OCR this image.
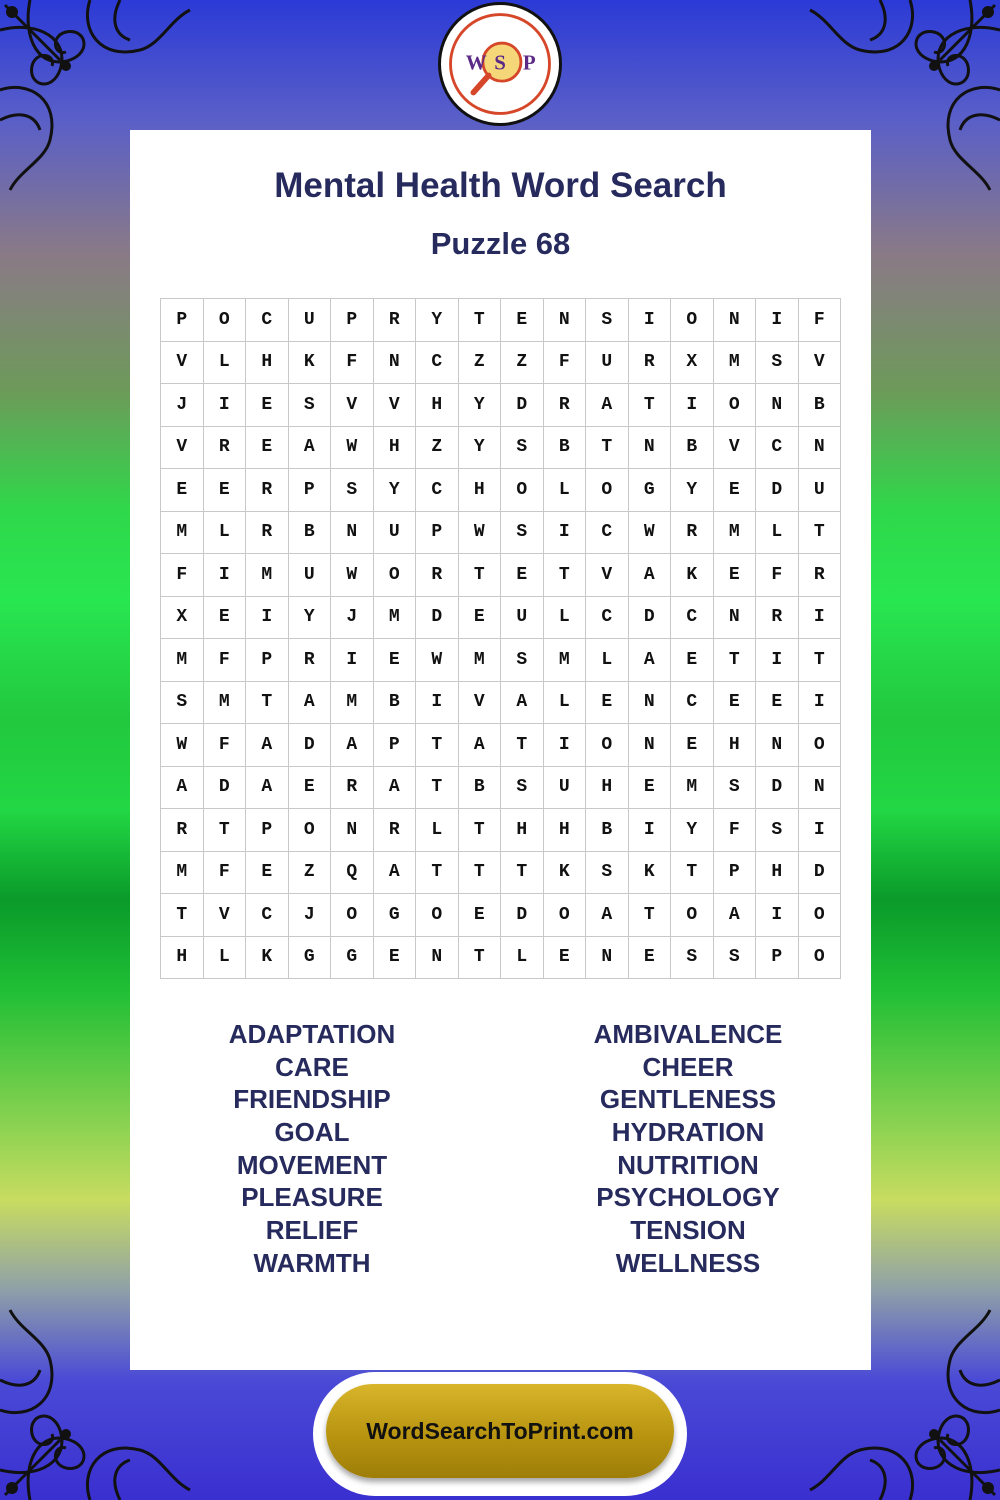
W S P
Mental Health Word Search
Puzzle 68
P	O	C	U	P	R	Y	T	E	N	S	I	O	N	I	F
V	L	H	K	F	N	C	Z	Z	F	U	R	X	M	S	V
J	I	E	S	V	V	H	Y	D	R	A	T	I	O	N	B
V	R	E	A	W	H	Z	Y	S	B	T	N	B	V	C	N
E	E	R	P	S	Y	C	H	O	L	O	G	Y	E	D	U
M	L	R	B	N	U	P	W	S	I	C	W	R	M	L	T
F	I	M	U	W	O	R	T	E	T	V	A	K	E	F	R
X	E	I	Y	J	M	D	E	U	L	C	D	C	N	R	I
M	F	P	R	I	E	W	M	S	M	L	A	E	T	I	T
S	M	T	A	M	B	I	V	A	L	E	N	C	E	E	I
W	F	A	D	A	P	T	A	T	I	O	N	E	H	N	O
A	D	A	E	R	A	T	B	S	U	H	E	M	S	D	N
R	T	P	O	N	R	L	T	H	H	B	I	Y	F	S	I
M	F	E	Z	Q	A	T	T	T	K	S	K	T	P	H	D
T	V	C	J	O	G	O	E	D	O	A	T	O	A	I	O
H	L	K	G	G	E	N	T	L	E	N	E	S	S	P	O
ADAPTATION
CARE
FRIENDSHIP
GOAL
MOVEMENT
PLEASURE
RELIEF
WARMTH
AMBIVALENCE
CHEER
GENTLENESS
HYDRATION
NUTRITION
PSYCHOLOGY
TENSION
WELLNESS
WordSearchToPrint.com
